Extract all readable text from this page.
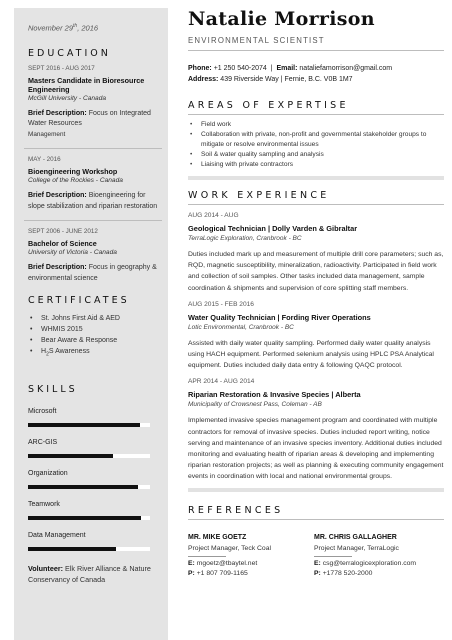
November 29th, 2016
EDUCATION
SEPT 2016 - AUG 2017
Masters Candidate in Bioresource Engineering
McGill University - Canada
Brief Description: Focus on Integrated Water Resources
Management
MAY - 2016
Bioengineering Workshop
College of the Rockies - Canada
Brief Description: Bioengineering for slope stabilization and riparian restoration
SEPT 2006 - JUNE 2012
Bachelor of Science
University of Victoria - Canada
Brief Description: Focus in geography & environmental science
CERTIFICATES
• St. Johns First Aid & AED
• WHMIS 2015
• Bear Aware & Response
• $H_2S$ Awareness
SKILLS
Microsoft
ARC-GIS
Organization
Teamwork
Data Management
Volunteer: Elk River Alliance & Nature Conservancy of Canada
Natalie Morrison
ENVIRONMENTAL SCIENTIST
Phone: +1 250 540-2074 | Email: nataliefamorrison@gmail.com
Address: 439 Riverside Way | Fernie, B.C. V0B 1M7
AREAS OF EXPERTISE
• Field work
• Collaboration with private, non-profit and governmental stakeholder groups to mitigate or resolve environmental issues
• Soil & water quality sampling and analysis
• Liaising with private contractors
WORK EXPERIENCE
AUG 2014 - AUG
Geological Technician | Dolly Varden & Gibraltar
TerraLogic Exploration, Cranbrook - BC
Duties included mark up and measurement of multiple drill core parameters; such as, RQD, magnetic susceptibility, mineralization, radioactivity. Participated in field work and collection of soil samples. Other tasks included data management, sample coordination & shipments and supervision of core splitting staff members.
AUG 2015 - FEB 2016
Water Quality Technician | Fording River Operations
Lotic Environmental, Cranbrook - BC
Assisted with daily water quality sampling. Performed daily water quality analysis using HACH equipment. Performed selenium analysis using HPLC PSA Analytical equipment. Duties included daily data entry & following QAQC protocol.
APR 2014 - AUG 2014
Riparian Restoration & Invasive Species | Alberta
Municipality of Crowsnest Pass, Coleman - AB
Implemented invasive species management program and coordinated with multiple contractors for removal of invasive species. Duties included report writing, notice serving and maintenance of an invasive species inventory. Additional duties included monitoring and evaluating health of riparian areas & developing and implementing riparian restoration projects; as well as planning & executing community engagement events in coordination with local and national environmental groups.
REFERENCES
MR. MIKE GOETZ
Project Manager, Teck Coal
E: mgoetz@tbaytel.net
P: +1 807 709-1165
MR. CHRIS GALLAGHER
Project Manager, TerraLogic
E: csg@terralogicexploration.com
P: +1778 520-2000
